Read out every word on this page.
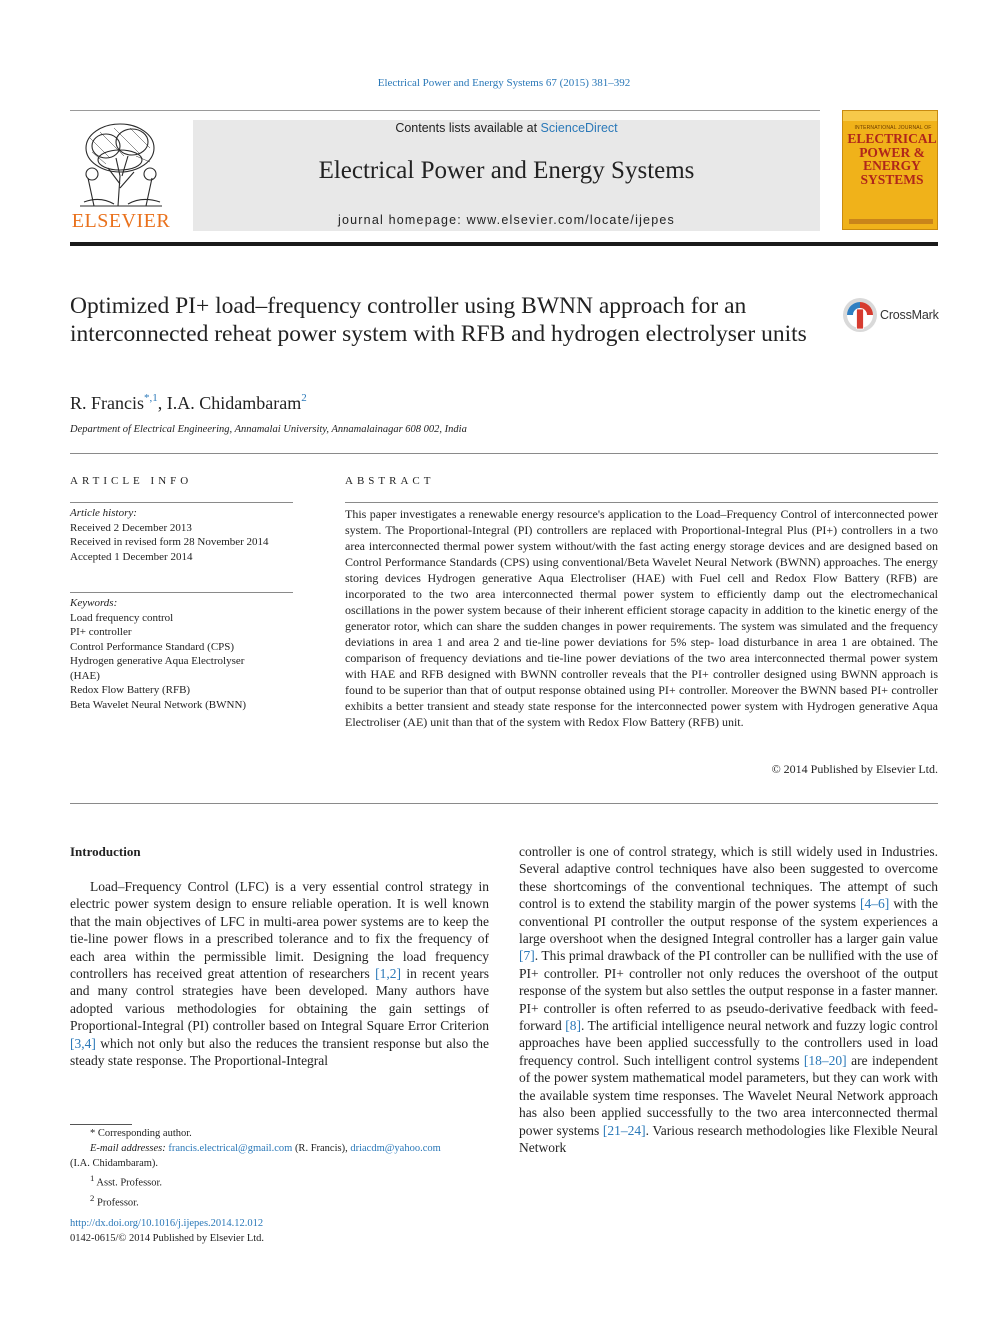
Electrical Power and Energy Systems 67 (2015) 381–392
ELSEVIER
Contents lists available at ScienceDirect
Electrical Power and Energy Systems
journal homepage: www.elsevier.com/locate/ijepes
INTERNATIONAL JOURNAL OF
ELECTRICAL POWER & ENERGY SYSTEMS
Optimized PI+ load–frequency controller using BWNN approach for an interconnected reheat power system with RFB and hydrogen electrolyser units
CrossMark
R. Francis$^{*,1}$, I.A. Chidambaram$^2$
Department of Electrical Engineering, Annamalai University, Annamalainagar 608 002, India
ARTICLE INFO
Article history:
Received 2 December 2013
Received in revised form 28 November 2014
Accepted 1 December 2014
Keywords:
Load frequency control
PI+ controller
Control Performance Standard (CPS)
Hydrogen generative Aqua Electrolyser
(HAE)
Redox Flow Battery (RFB)
Beta Wavelet Neural Network (BWNN)
ABSTRACT
This paper investigates a renewable energy resource's application to the Load–Frequency Control of interconnected power system. The Proportional-Integral (PI) controllers are replaced with Proportional-Integral Plus (PI+) controllers in a two area interconnected thermal power system without/with the fast acting energy storage devices and are designed based on Control Performance Standards (CPS) using conventional/Beta Wavelet Neural Network (BWNN) approaches. The energy storing devices Hydrogen generative Aqua Electroliser (HAE) with Fuel cell and Redox Flow Battery (RFB) are incorporated to the two area interconnected thermal power system to efficiently damp out the electromechanical oscillations in the power system because of their inherent efficient storage capacity in addition to the kinetic energy of the generator rotor, which can share the sudden changes in power requirements. The system was simulated and the frequency deviations in area 1 and area 2 and tie-line power deviations for 5% step- load disturbance in area 1 are obtained. The comparison of frequency deviations and tie-line power deviations of the two area interconnected thermal power system with HAE and RFB designed with BWNN controller reveals that the PI+ controller designed using BWNN approach is found to be superior than that of output response obtained using PI+ controller. Moreover the BWNN based PI+ controller exhibits a better transient and steady state response for the interconnected power system with Hydrogen generative Aqua Electroliser (AE) unit than that of the system with Redox Flow Battery (RFB) unit.
© 2014 Published by Elsevier Ltd.
Introduction
Load–Frequency Control (LFC) is a very essential control strategy in electric power system design to ensure reliable operation. It is well known that the main objectives of LFC in multi-area power systems are to keep the tie-line power flows in a prescribed tolerance and to fix the frequency of each area within the permissible limit. Designing the load frequency controllers has received great attention of researchers [1,2] in recent years and many control strategies have been developed. Many authors have adopted various methodologies for obtaining the gain settings of Proportional-Integral (PI) controller based on Integral Square Error Criterion [3,4] which not only but also the reduces the transient response but also the steady state response. The Proportional-Integral
controller is one of control strategy, which is still widely used in Industries. Several adaptive control techniques have also been suggested to overcome these shortcomings of the conventional techniques. The attempt of such control is to extend the stability margin of the power systems [4–6] with the conventional PI controller the output response of the system experiences a large overshoot when the designed Integral controller has a larger gain value [7]. This primal drawback of the PI controller can be nullified with the use of PI+ controller. PI+ controller not only reduces the overshoot of the output response of the system but also settles the output response in a faster manner. PI+ controller is often referred to as pseudo-derivative feedback with feed-forward [8]. The artificial intelligence neural network and fuzzy logic control approaches have been applied successfully to the controllers used in load frequency control. Such intelligent control systems [18–20] are independent of the power system mathematical model parameters, but they can work with the available system time responses. The Wavelet Neural Network approach has also been applied successfully to the two area interconnected thermal power systems [21–24]. Various research methodologies like Flexible Neural Network
* Corresponding author.
E-mail addresses: francis.electrical@gmail.com (R. Francis), driacdm@yahoo.com
(I.A. Chidambaram).
$^1$ Asst. Professor.
$^2$ Professor.
http://dx.doi.org/10.1016/j.ijepes.2014.12.012
0142-0615/© 2014 Published by Elsevier Ltd.
